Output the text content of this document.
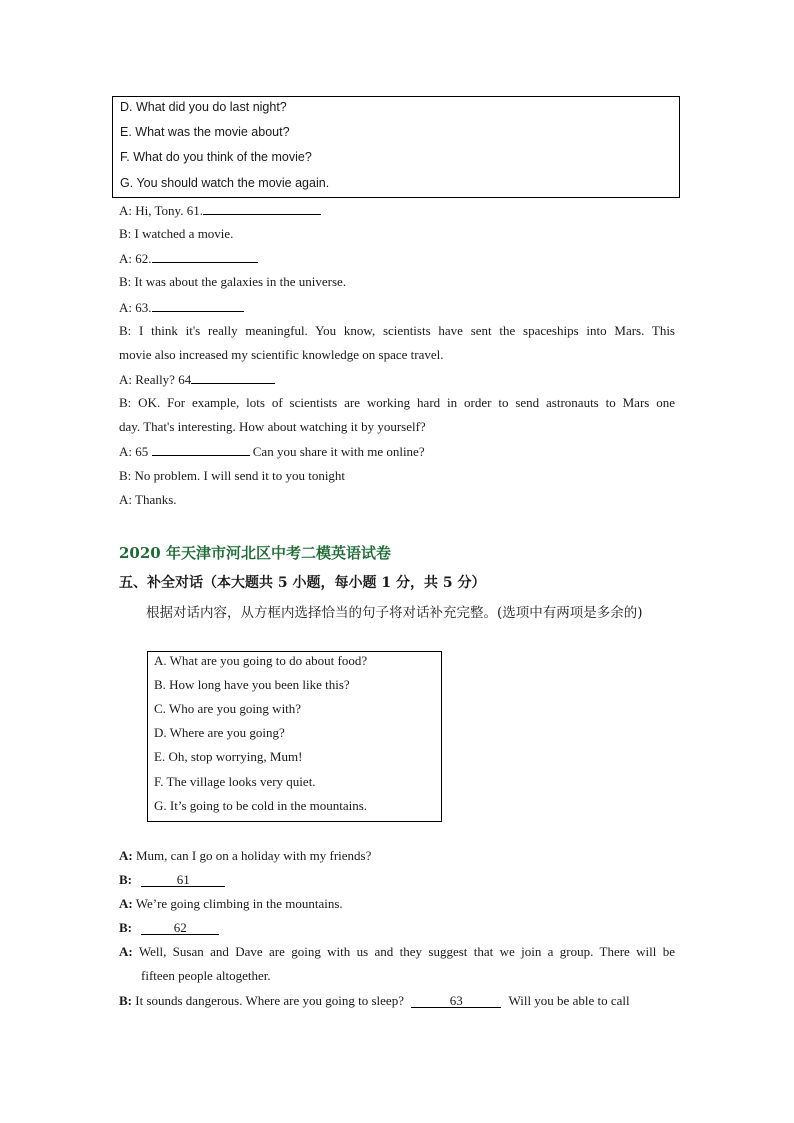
D. What did you do last night?
E. What was the movie about?
F. What do you think of the movie?
G. You should watch the movie again.
A: Hi, Tony. 61.
B: I watched a movie.
A: 62.
B: It was about the galaxies in the universe.
A: 63.
B: I think it's really meaningful. You know, scientists have sent the spaceships into Mars. This
movie also increased my scientific knowledge on space travel.
A: Really? 64
B: OK. For example, lots of scientists are working hard in order to send astronauts to Mars one
day. That's interesting. How about watching it by yourself?
A: 65	Can you share it with me online?
B: No problem. I will send it to you tonight
A: Thanks.
2020 年天津市河北区中考二模英语试卷
五、补全对话（本大题共 5 小题，每小题 1 分，共 5 分）
根据对话内容，从方框内选择恰当的句子将对话补充完整。(选项中有两项是多余的)
A. What are you going to do about food?
B. How long have you been like this?
C. Who are you going with?
D. Where are you going?
E. Oh, stop worrying, Mum!
F. The village looks very quiet.
G. It’s going to be cold in the mountains.
A: Mum, can I go on a holiday with my friends?
B:	61
A: We’re going climbing in the mountains.
B:	62
A: Well, Susan and Dave are going with us and they suggest that we join a group. There will be
fifteen people altogether.
B: It sounds dangerous. Where are you going to sleep?	63	Will you be able to call
